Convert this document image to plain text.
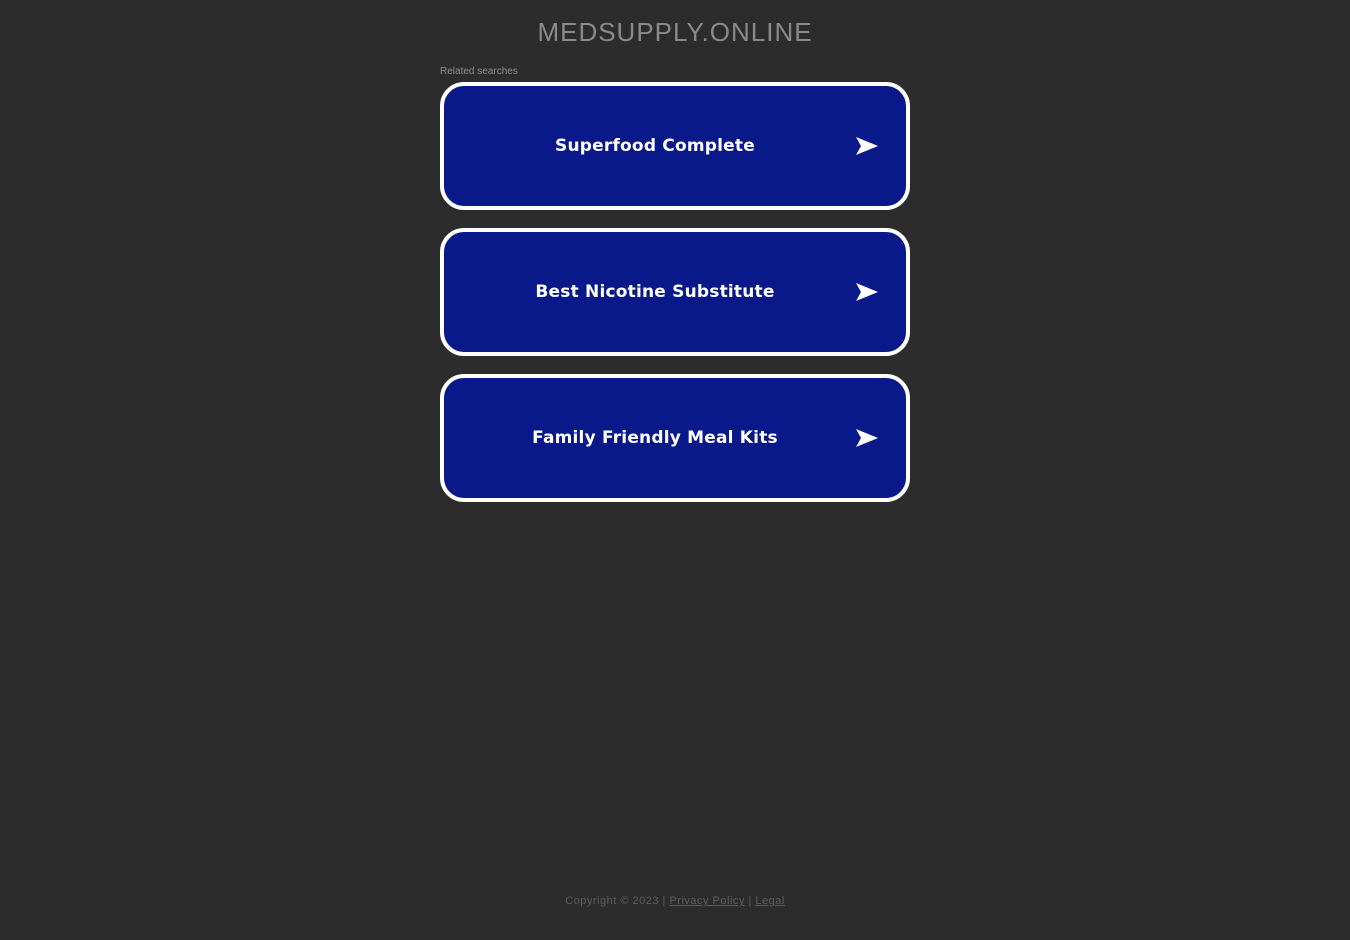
MEDSUPPLY.ONLINE
Related searches
Superfood Complete
Best Nicotine Substitute
Family Friendly Meal Kits
Copyright © 2023 | Privacy Policy | Legal
